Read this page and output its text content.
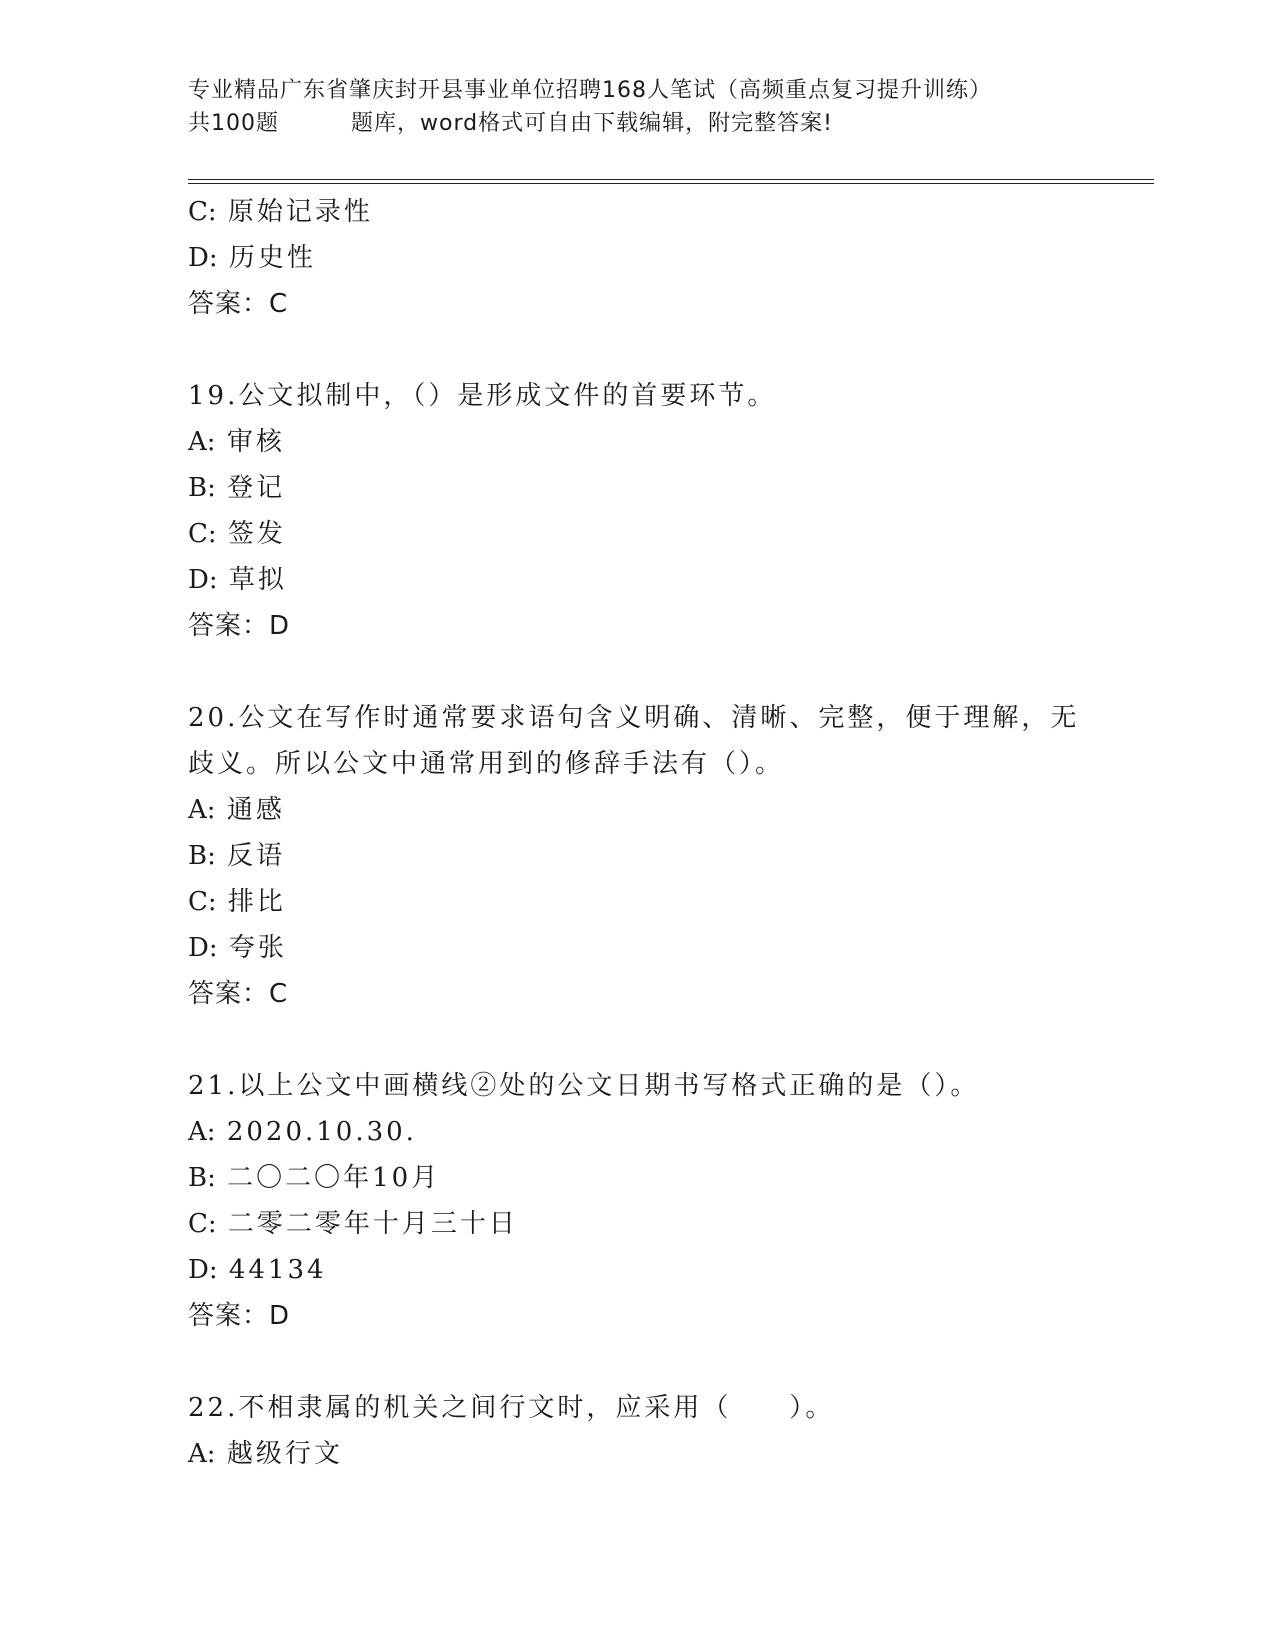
专业精品广东省肇庆封开县事业单位招聘168人笔试（高频重点复习提升训练）
共100题	题库，word格式可自由下载编辑，附完整答案!
C: 原始记录性
D: 历史性
答案：C
19.公文拟制中，（）是形成文件的首要环节。
A: 审核
B: 登记
C: 签发
D: 草拟
答案：D
20.公文在写作时通常要求语句含义明确、清晰、完整，便于理解，无
歧义。所以公文中通常用到的修辞手法有（）。
A: 通感
B: 反语
C: 排比
D: 夸张
答案：C
21.以上公文中画横线②处的公文日期书写格式正确的是（）。
A: 2020.10.30.
B: 二〇二〇年10月
C: 二零二零年十月三十日
D: 44134
答案：D
22.不相隶属的机关之间行文时，应采用（　　）。
A: 越级行文
